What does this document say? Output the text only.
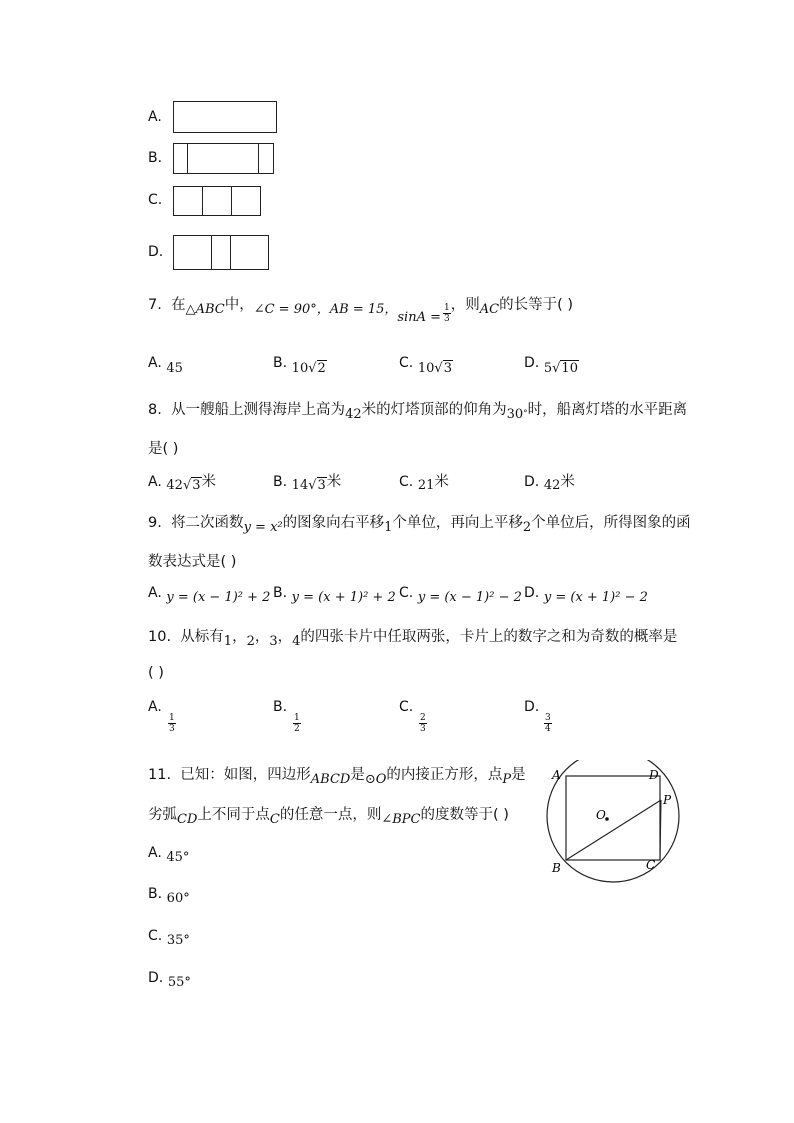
A.
B.
C.
D.
7. 在△ABC中，∠C = 90°，AB = 15，$\sin A = \frac{1}{3}$ ，则AC的长等于( )
A. 45	B. 10√2	C. 10√3	D. 5√10
8. 从一艘船上测得海岸上高为42米的灯塔顶部的仰角为30°时，船离灯塔的水平距离
是( )
A. 42√3米	B. 14√3米	C. 21米	D. 42米
9. 将二次函数y = x²的图象向右平移1个单位，再向上平移2个单位后，所得图象的函
数表达式是( )
A. y = (x − 1)² + 2 B. y = (x + 1)² + 2 C. y = (x − 1)² − 2 D. y = (x + 1)² − 2
10. 从标有1，2，3，4的四张卡片中任取两张，卡片上的数字之和为奇数的概率是
( )
A.

$\frac{1}{3}$
B.

$\frac{1}{2}$
C.

$\frac{2}{3}$
D.

$\frac{3}{4}$
11. 已知：如图，四边形ABCD是⊙O的内接正方形，点P是
劣弧CD上不同于点C的任意一点，则∠BPC的度数等于( )
A. 45°
B. 60°
C. 35°
D. 55°
A	D
P
O
B	C
